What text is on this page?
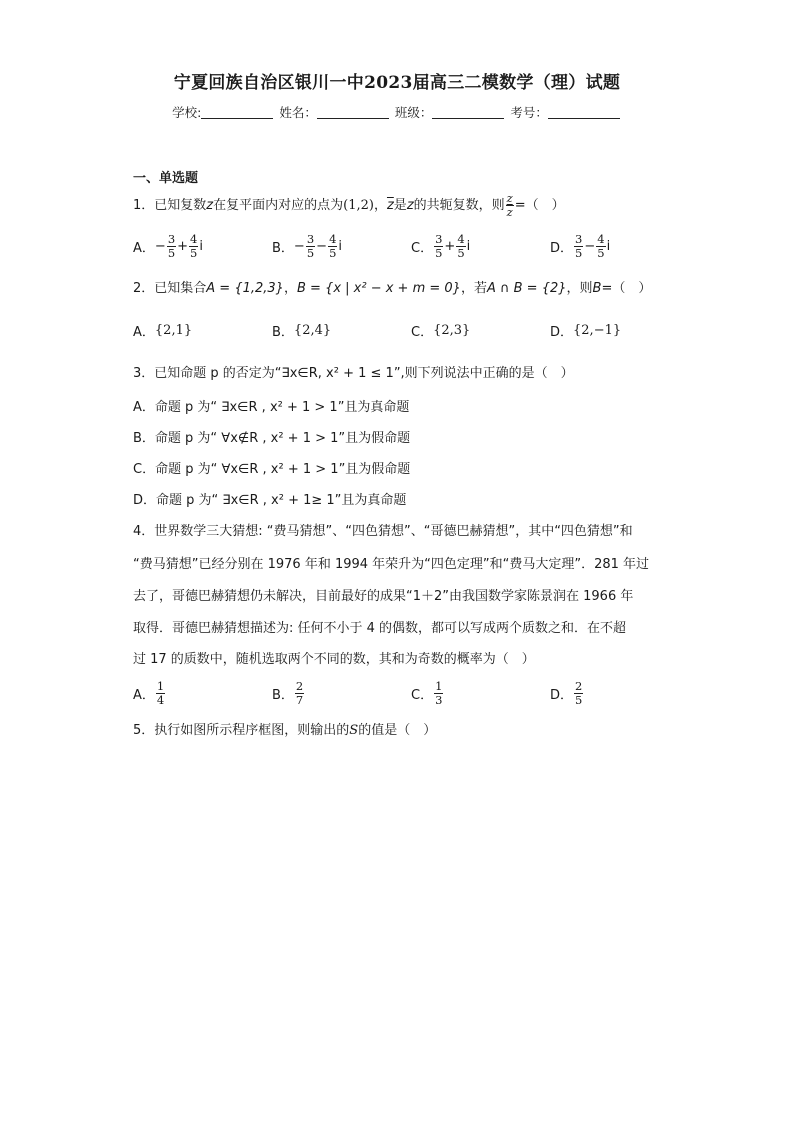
宁夏回族自治区银川一中2023届高三二模数学（理）试题
学校:	姓名：	班级：	考号：
一、单选题
1．已知复数z在复平面内对应的点为(1,2)，$\overline{z}$是z的共轭复数，则 $\frac{z}{z}$ =（　）
A． − $\frac{3}{5} + \frac{4}{5}$ i	B． − $\frac{3}{5} - \frac{4}{5}$ i	C． $\frac{3}{5} + \frac{4}{5}$ i	D． $\frac{3}{5} - \frac{4}{5}$ i
2．已知集合A = {1,2,3}，B = {x | x² − x + m = 0}，若A ∩ B = {2}，则B=（　）
A． {2,1}	B． {2,4}	C． {2,3}	D． {2,−1}
3．已知命题 p 的否定为“∃x∈R, x² + 1 ≤ 1”,则下列说法中正确的是（　）
A．命题 p 为“ ∃x∈R , x² + 1 > 1”且为真命题
B．命题 p 为“ ∀x∉R , x² + 1 > 1”且为假命题
C．命题 p 为“ ∀x∈R , x² + 1 > 1”且为假命题
D．命题 p 为“ ∃x∈R , x² + 1≥ 1”且为真命题
4．世界数学三大猜想: “费马猜想”、“四色猜想”、“哥德巴赫猜想”，其中“四色猜想”和
“费马猜想”已经分别在 1976 年和 1994 年荣升为“四色定理”和“费马大定理”．281 年过
去了，哥德巴赫猜想仍未解决，目前最好的成果“1＋2”由我国数学家陈景润在 1966 年
取得．哥德巴赫猜想描述为: 任何不小于 4 的偶数，都可以写成两个质数之和．在不超
过 17 的质数中，随机选取两个不同的数，其和为奇数的概率为（　）
A． $\frac{1}{4}$	B． $\frac{2}{7}$	C． $\frac{1}{3}$	D． $\frac{2}{5}$
5．执行如图所示程序框图，则输出的S的值是（　）
